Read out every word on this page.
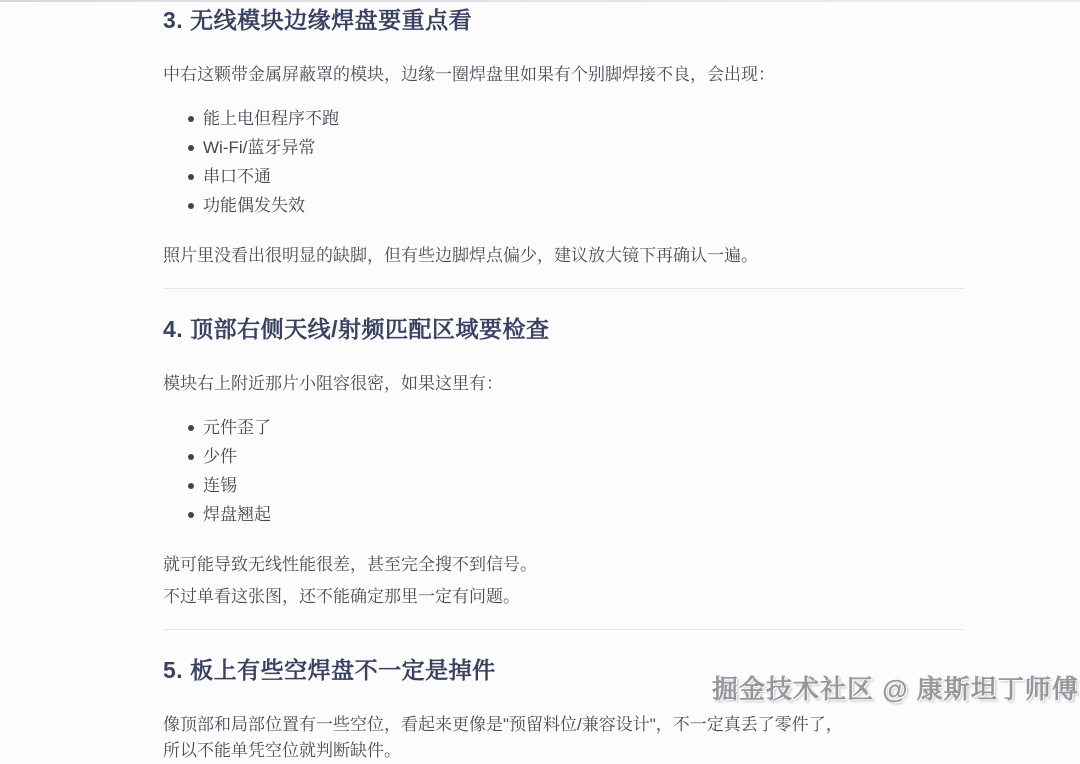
3. 无线模块边缘焊盘要重点看

中右这颗带金属屏蔽罩的模块，边缘一圈焊盘里如果有个别脚焊接不良，会出现：

能上电但程序不跑
Wi-Fi/蓝牙异常
串口不通
功能偶发失效

照片里没看出很明显的缺脚，但有些边脚焊点偏少，建议放大镜下再确认一遍。

4. 顶部右侧天线/射频匹配区域要检查

模块右上附近那片小阻容很密，如果这里有：

元件歪了
少件
连锡
焊盘翘起

就可能导致无线性能很差，甚至完全搜不到信号。
不过单看这张图，还不能确定那里一定有问题。

5. 板上有些空焊盘不一定是掉件

像顶部和局部位置有一些空位，看起来更像是"预留料位/兼容设计"，不一定真丢了零件了，
所以不能单凭空位就判断缺件。

掘金技术社区 @ 康斯坦丁师傅
